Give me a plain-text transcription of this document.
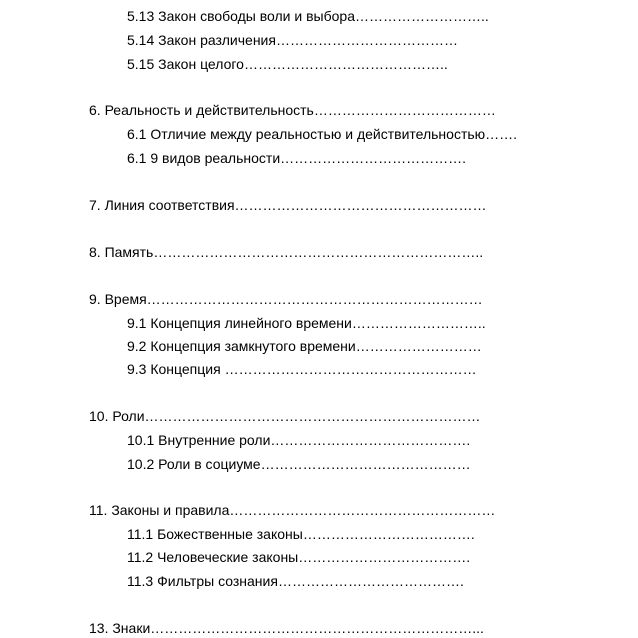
5.13 Закон свободы воли и выбора………………………..
5.14 Закон различения…………………………………
5.15 Закон целого……………………………………..
6. Реальность и действительность…………………………………
6.1 Отличие между реальностью и действительностью…….
6.1 9 видов реальности………………………………….
7. Линия соответствия………………………………………………
8. Память……………………………………………………………..
9. Время………………………………………………………………
9.1 Концепция линейного времени………………………..
9.2 Концепция замкнутого времени………………………
9.3 Концепция ………………………………………………
10. Роли………………………………………………………………
10.1 Внутренние роли…………………………………….
10.2 Роли в социуме………………………………………
11. Законы и правила…………………………………………………
11.1 Божественные законы……………………………….
11.2 Человеческие законы……………………………….
11.3 Фильтры сознания………………………………….
13. Знаки……………………………………………………………...
